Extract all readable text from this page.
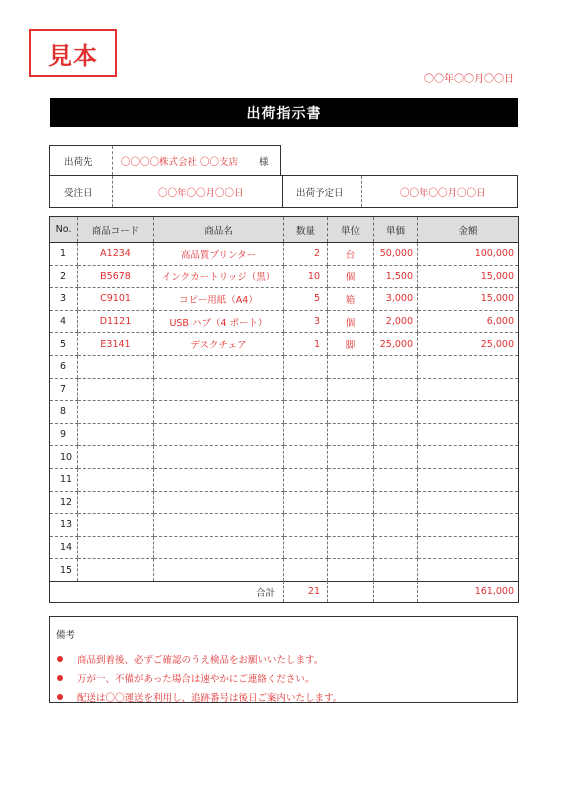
見本
〇〇年〇〇月〇〇日
出荷指示書
出荷先	〇〇〇〇株式会社 〇〇支店 様
受注日	〇〇年〇〇月〇〇日	出荷予定日	〇〇年〇〇月〇〇日
No.	商品コード	商品名	数量	単位	単価	金額
1	A1234	高品質プリンター	2	台	50,000	100,000
2	B5678	インクカートリッジ（黒）	10	個	1,500	15,000
3	C9101	コピー用紙（A4）	5	箱	3,000	15,000
4	D1121	USB ハブ（4 ポート）	3	個	2,000	6,000
5	E3141	デスクチェア	1	脚	25,000	25,000
6						
7						
8						
9						
10						
11						
12						
13						
14						
15						
合計	21			161,000
備考
商品到着後、必ずご確認のうえ検品をお願いいたします。
万が一、不備があった場合は速やかにご連絡ください。
配送は〇〇運送を利用し、追跡番号は後日ご案内いたします。
